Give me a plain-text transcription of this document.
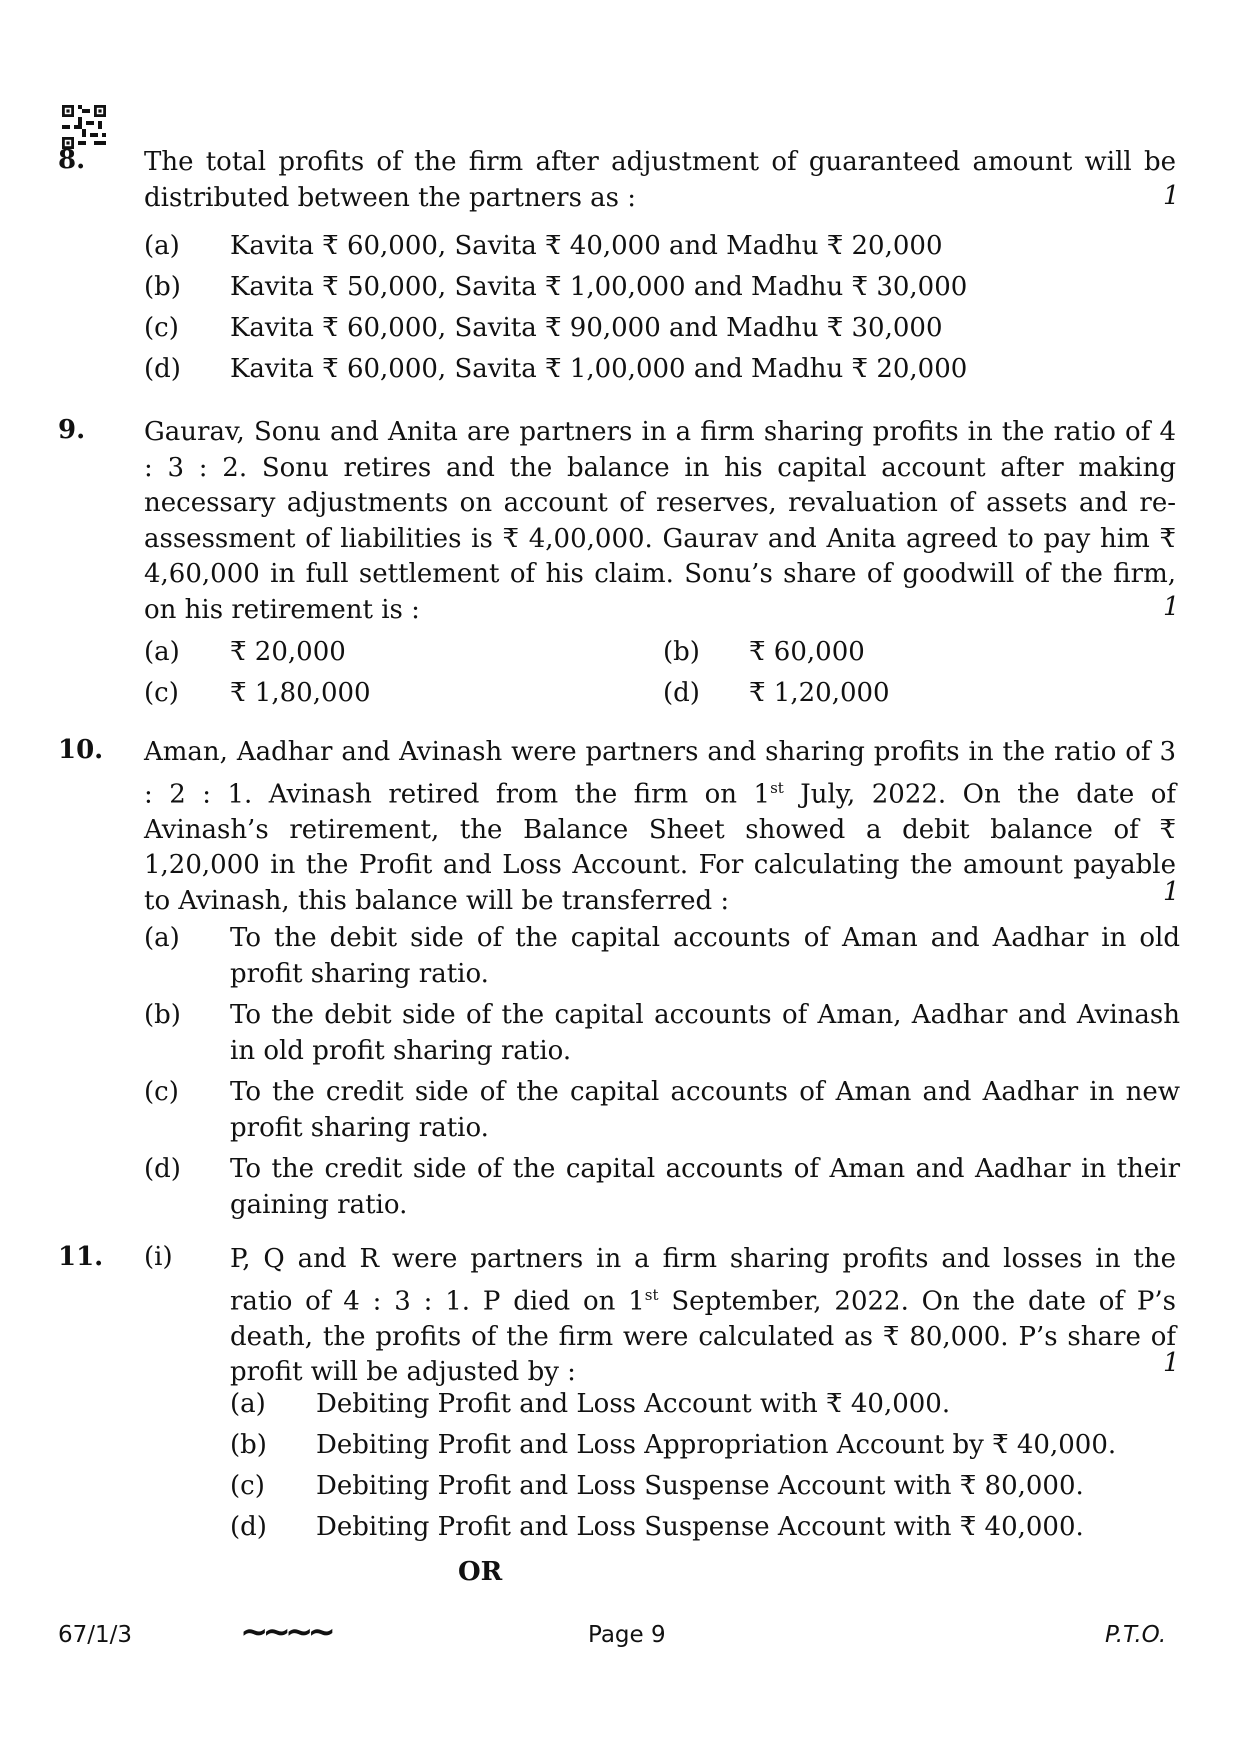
8. The total profits of the firm after adjustment of guaranteed amount will be distributed between the partners as :	1
(a) Kavita ₹ 60,000, Savita ₹ 40,000 and Madhu ₹ 20,000
(b) Kavita ₹ 50,000, Savita ₹ 1,00,000 and Madhu ₹ 30,000
(c) Kavita ₹ 60,000, Savita ₹ 90,000 and Madhu ₹ 30,000
(d) Kavita ₹ 60,000, Savita ₹ 1,00,000 and Madhu ₹ 20,000
9. Gaurav, Sonu and Anita are partners in a firm sharing profits in the ratio of 4 : 3 : 2. Sonu retires and the balance in his capital account after making necessary adjustments on account of reserves, revaluation of assets and re-assessment of liabilities is ₹ 4,00,000. Gaurav and Anita agreed to pay him ₹ 4,60,000 in full settlement of his claim. Sonu’s share of goodwill of the firm, on his retirement is :	1
(a) ₹ 20,000	(b) ₹ 60,000
(c) ₹ 1,80,000	(d) ₹ 1,20,000
10. Aman, Aadhar and Avinash were partners and sharing profits in the ratio of 3 : 2 : 1. Avinash retired from the firm on 1st July, 2022. On the date of Avinash’s retirement, the Balance Sheet showed a debit balance of ₹ 1,20,000 in the Profit and Loss Account. For calculating the amount payable to Avinash, this balance will be transferred :	1
(a) To the debit side of the capital accounts of Aman and Aadhar in old profit sharing ratio.
(b) To the debit side of the capital accounts of Aman, Aadhar and Avinash in old profit sharing ratio.
(c) To the credit side of the capital accounts of Aman and Aadhar in new profit sharing ratio.
(d) To the credit side of the capital accounts of Aman and Aadhar in their gaining ratio.
11. (i) P, Q and R were partners in a firm sharing profits and losses in the ratio of 4 : 3 : 1. P died on 1st September, 2022. On the date of P’s death, the profits of the firm were calculated as ₹ 80,000. P’s share of profit will be adjusted by :	1
(a) Debiting Profit and Loss Account with ₹ 40,000.
(b) Debiting Profit and Loss Appropriation Account by ₹ 40,000.
(c) Debiting Profit and Loss Suspense Account with ₹ 80,000.
(d) Debiting Profit and Loss Suspense Account with ₹ 40,000.
OR
67/1/3	∼∼∼∼	Page 9	P.T.O.
